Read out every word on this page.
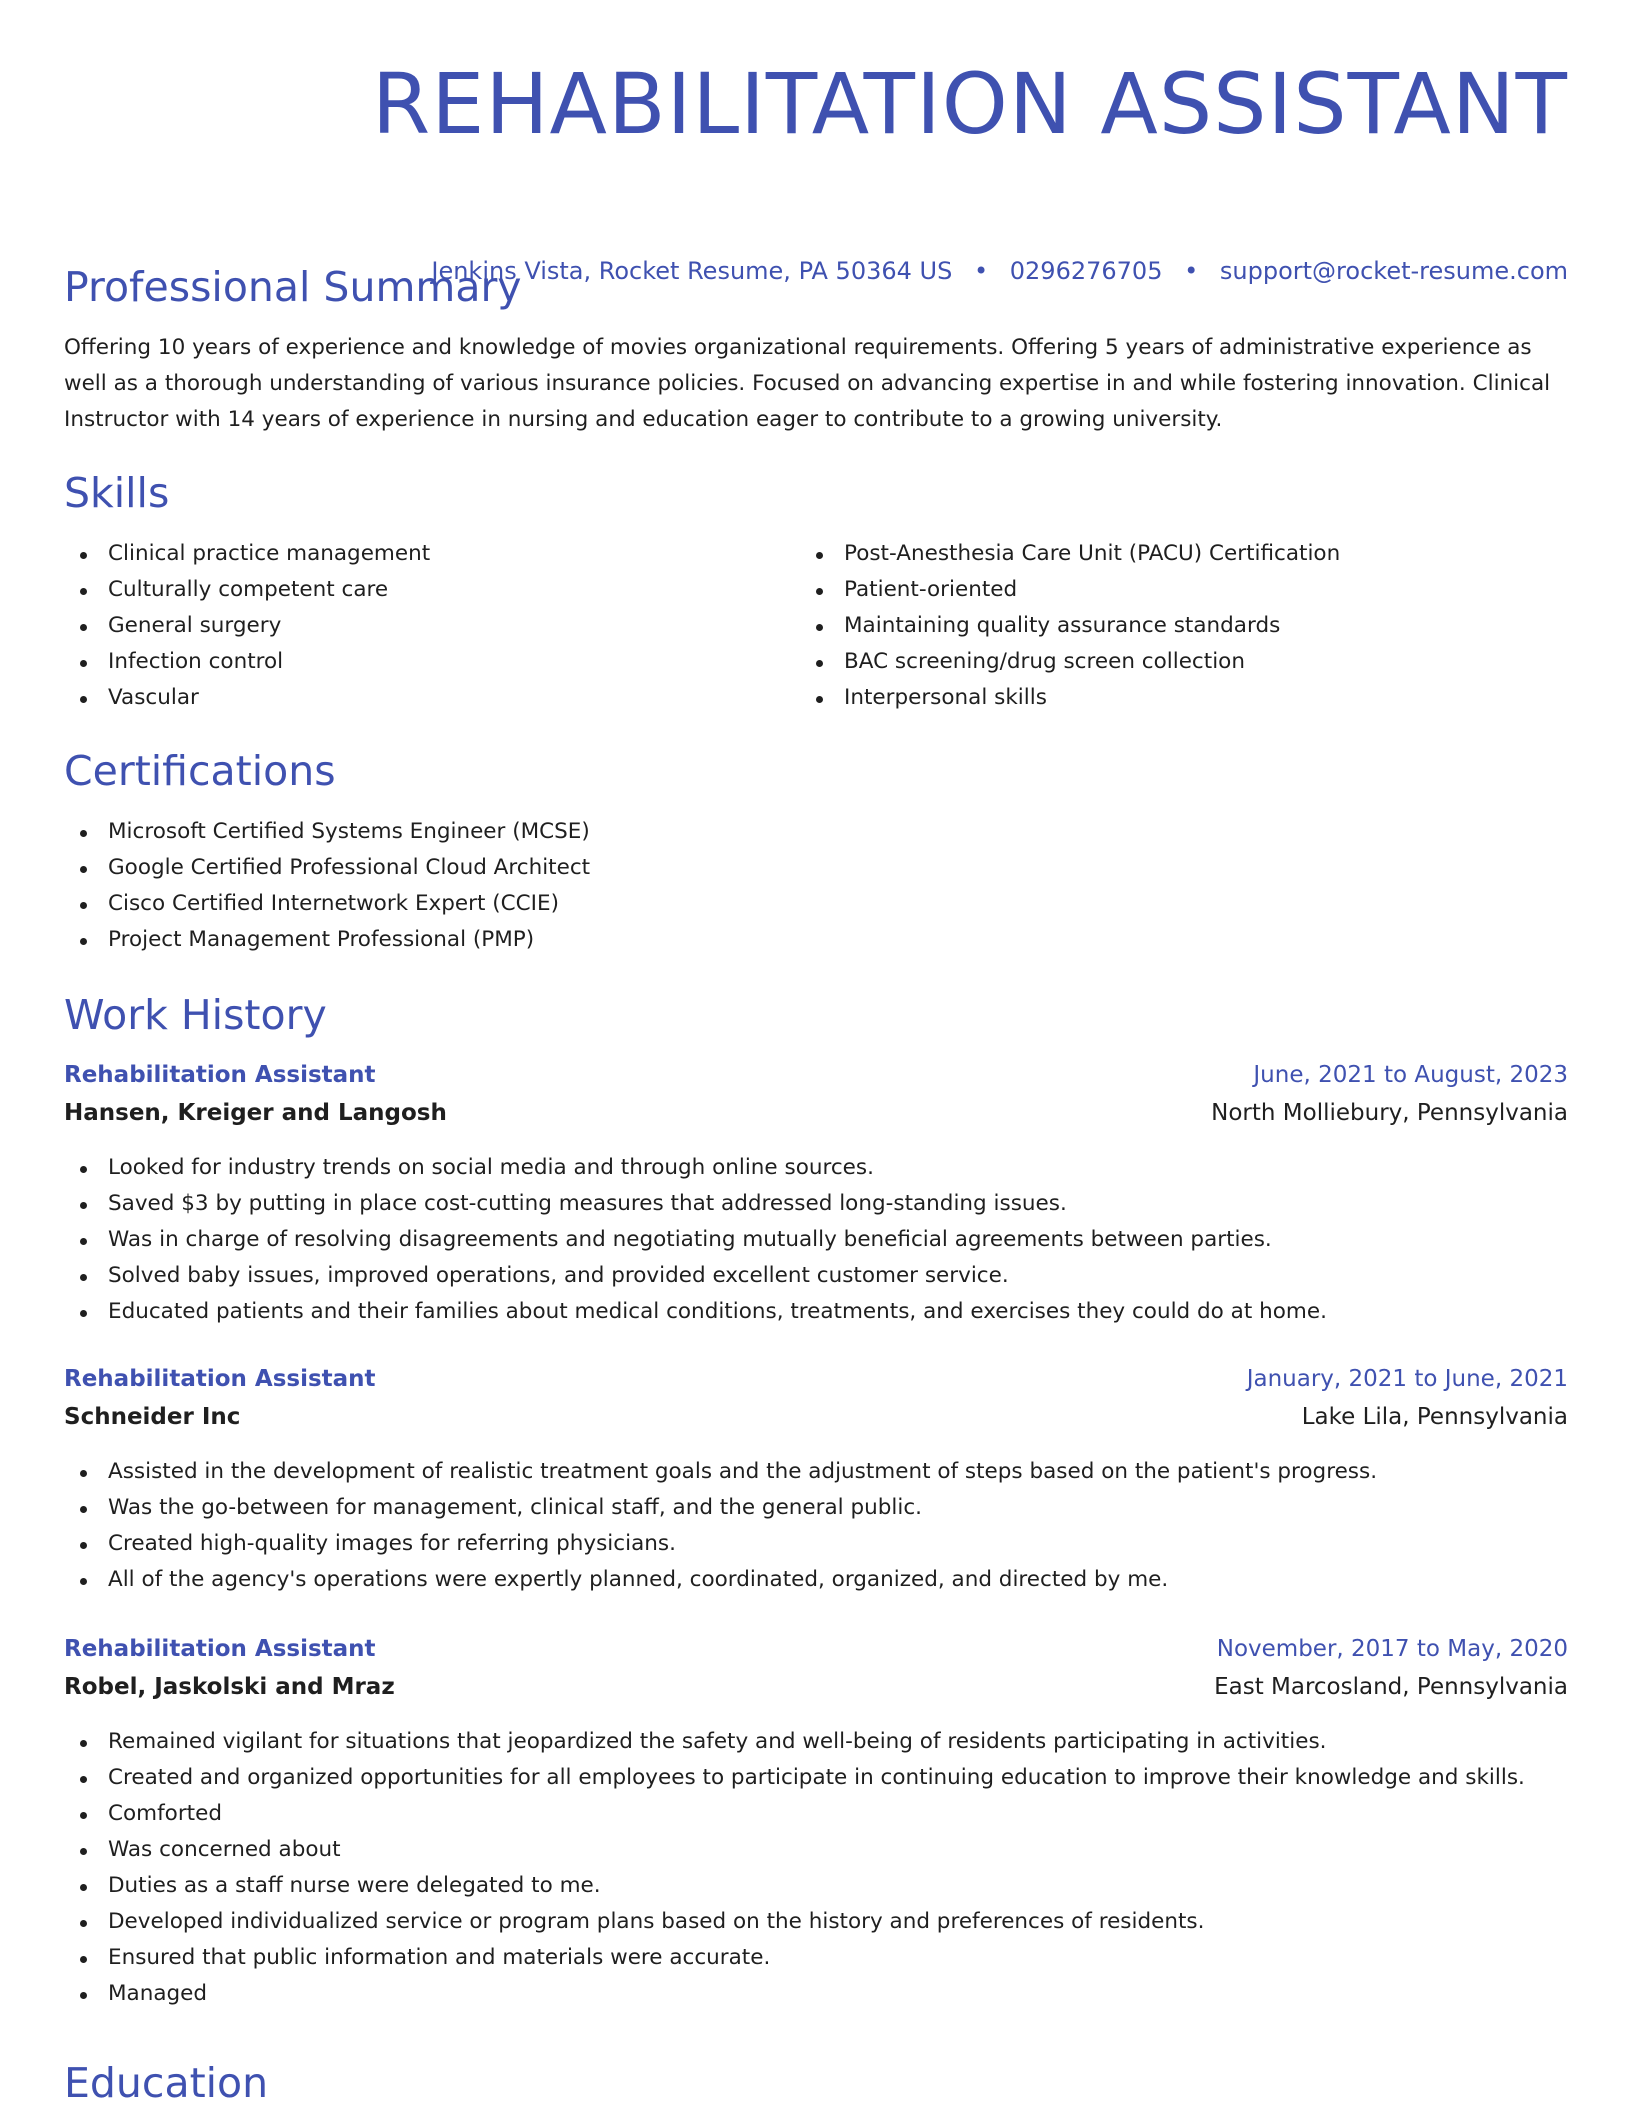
REHABILITATION ASSISTANT
Jenkins Vista, Rocket Resume, PA 50364 US • 0296276705 • support@rocket-resume.com
Professional Summary

Offering 10 years of experience and knowledge of movies organizational requirements. Offering 5 years of administrative experience as well as a thorough understanding of various insurance policies. Focused on advancing expertise in and while fostering innovation. Clinical Instructor with 14 years of experience in nursing and education eager to contribute to a growing university.

Skills
Clinical practice management
Culturally competent care
General surgery
Infection control
Vascular
Post-Anesthesia Care Unit (PACU) Certification
Patient-oriented
Maintaining quality assurance standards
BAC screening/drug screen collection
Interpersonal skills
Certifications
Microsoft Certified Systems Engineer (MCSE)
Google Certified Professional Cloud Architect
Cisco Certified Internetwork Expert (CCIE)
Project Management Professional (PMP)
Work History
Rehabilitation Assistant	June, 2021 to August, 2023
Hansen, Kreiger and Langosh	North Molliebury, Pennsylvania
Looked for industry trends on social media and through online sources.
Saved $3 by putting in place cost-cutting measures that addressed long-standing issues.
Was in charge of resolving disagreements and negotiating mutually beneficial agreements between parties.
Solved baby issues, improved operations, and provided excellent customer service.
Educated patients and their families about medical conditions, treatments, and exercises they could do at home.
Rehabilitation Assistant	January, 2021 to June, 2021
Schneider Inc	Lake Lila, Pennsylvania
Assisted in the development of realistic treatment goals and the adjustment of steps based on the patient's progress.
Was the go-between for management, clinical staff, and the general public.
Created high-quality images for referring physicians.
All of the agency's operations were expertly planned, coordinated, organized, and directed by me.
Rehabilitation Assistant	November, 2017 to May, 2020
Robel, Jaskolski and Mraz	East Marcosland, Pennsylvania
Remained vigilant for situations that jeopardized the safety and well-being of residents participating in activities.
Created and organized opportunities for all employees to participate in continuing education to improve their knowledge and skills.
Comforted
Was concerned about
Duties as a staff nurse were delegated to me.
Developed individualized service or program plans based on the history and preferences of residents.
Ensured that public information and materials were accurate.
Managed
Education
